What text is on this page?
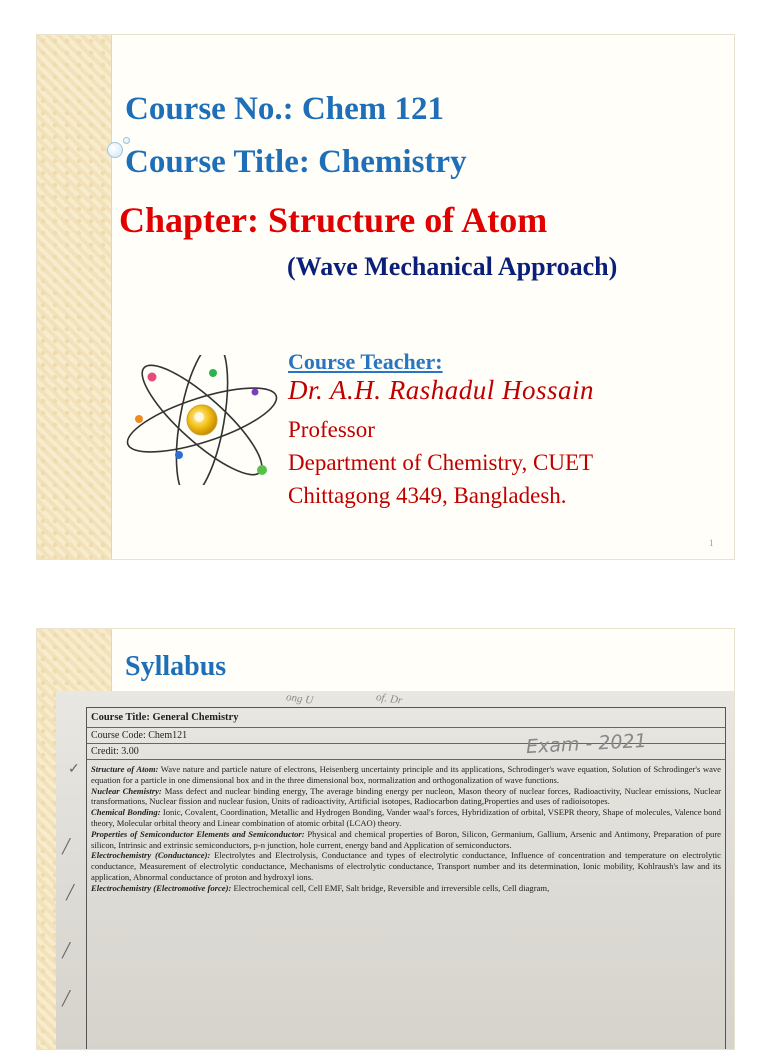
Course No.: Chem 121
Course Title: Chemistry
Chapter: Structure of Atom
(Wave Mechanical Approach)
Course Teacher:
Dr. A.H. Rashadul Hossain
Professor
Department of Chemistry, CUET
Chittagong 4349, Bangladesh.
1
Syllabus
ong U	of. Dr
Course Title: General Chemistry
Course Code: Chem121
Credit: 3.00

Structure of Atom: Wave nature and particle nature of electrons, Heisenberg uncertainty principle and its applications, Schrodinger's wave equation, Solution of Schrodinger's wave equation for a particle in one dimensional box and in the three dimensional box, normalization and orthogonalization of wave functions.

Nuclear Chemistry: Mass defect and nuclear binding energy, The average binding energy per nucleon, Mason theory of nuclear forces, Radioactivity, Nuclear emissions, Nuclear transformations, Nuclear fission and nuclear fusion, Units of radioactivity, Artificial isotopes, Radiocarbon dating,Properties and uses of radioisotopes.

Chemical Bonding: Ionic, Covalent, Coordination, Metallic and Hydrogen Bonding, Vander waal's forces, Hybridization of orbital, VSEPR theory, Shape of molecules, Valence bond theory, Molecular orbital theory and Linear combination of atomic orbital (LCAO) theory.

Properties of Semiconductor Elements and Semiconductor: Physical and chemical properties of Boron, Silicon, Germanium, Gallium, Arsenic and Antimony, Preparation of pure silicon, Intrinsic and extrinsic semiconductors, p-n junction, hole current, energy band and Application of semiconductors.

Electrochemistry (Conductance): Electrolytes and Electrolysis, Conductance and types of electrolytic conductance, Influence of concentration and temperature on electrolytic conductance, Measurement of electrolytic conductance, Mechanisms of electrolytic conductance, Transport number and its determination, Ionic mobility, Kohlraush's law and its application, Abnormal conductance of proton and hydroxyl ions.

Electrochemistry (Electromotive force): Electrochemical cell, Cell EMF, Salt bridge, Reversible and irreversible cells, Cell diagram,

Exam - 2021
✓
╱
╱
╱
╱
